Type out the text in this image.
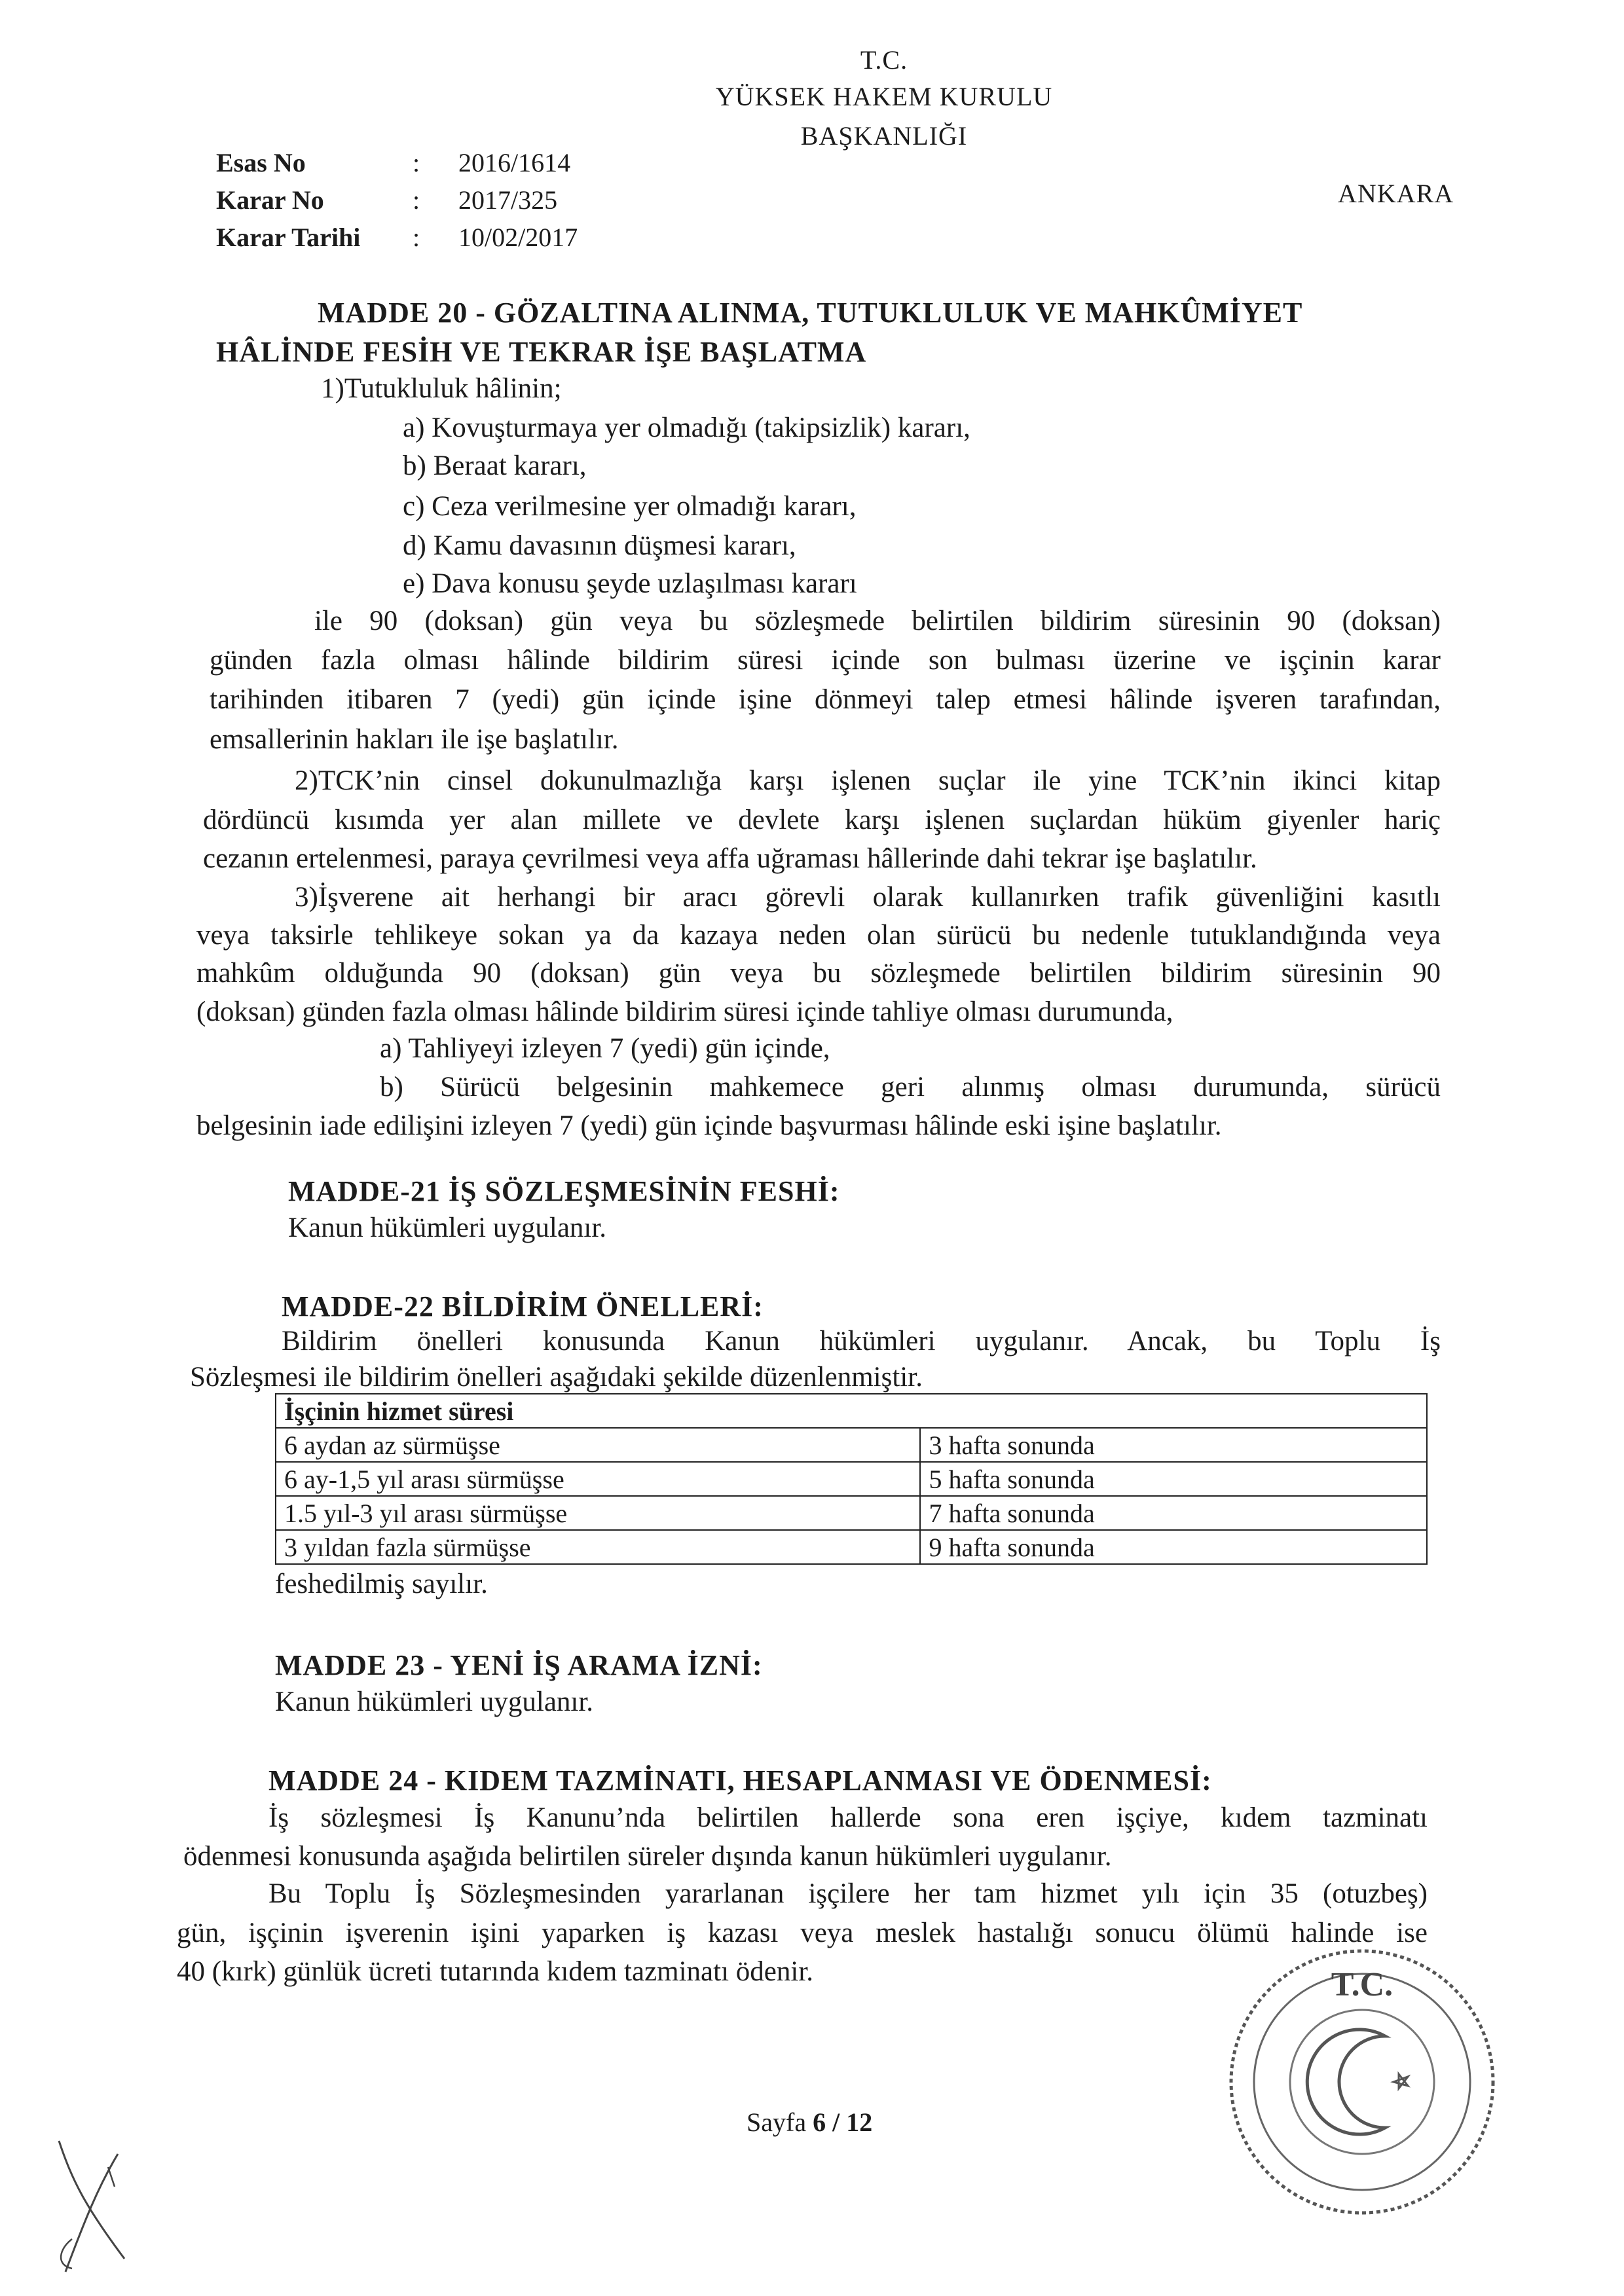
T.C.
YÜKSEK HAKEM KURULU
BAŞKANLIĞI
ANKARA
Esas No	:	2016/1614
Karar No	:	2017/325
Karar Tarihi	:	10/02/2017
MADDE 20 - GÖZALTINA ALINMA, TUTUKLULUK VE MAHKÛMİYET
HÂLİNDE FESİH VE TEKRAR İŞE BAŞLATMA
1)Tutukluluk hâlinin;
a) Kovuşturmaya yer olmadığı (takipsizlik) kararı,
b) Beraat kararı,
c) Ceza verilmesine yer olmadığı kararı,
d) Kamu davasının düşmesi kararı,
e) Dava konusu şeyde uzlaşılması kararı
ile 90 (doksan) gün veya bu sözleşmede belirtilen bildirim süresinin 90 (doksan)
günden fazla olması hâlinde bildirim süresi içinde son bulması üzerine ve işçinin karar
tarihinden itibaren 7 (yedi) gün içinde işine dönmeyi talep etmesi hâlinde işveren tarafından,
emsallerinin hakları ile işe başlatılır.
2)TCK’nin cinsel dokunulmazlığa karşı işlenen suçlar ile yine TCK’nin ikinci kitap
dördüncü kısımda yer alan millete ve devlete karşı işlenen suçlardan hüküm giyenler hariç
cezanın ertelenmesi, paraya çevrilmesi veya affa uğraması hâllerinde dahi tekrar işe başlatılır.
3)İşverene ait herhangi bir aracı görevli olarak kullanırken trafik güvenliğini kasıtlı
veya taksirle tehlikeye sokan ya da kazaya neden olan sürücü bu nedenle tutuklandığında veya
mahkûm olduğunda 90 (doksan) gün veya bu sözleşmede belirtilen bildirim süresinin 90
(doksan) günden fazla olması hâlinde bildirim süresi içinde tahliye olması durumunda,
a) Tahliyeyi izleyen 7 (yedi) gün içinde,
b) Sürücü belgesinin mahkemece geri alınmış olması durumunda, sürücü
belgesinin iade edilişini izleyen 7 (yedi) gün içinde başvurması hâlinde eski işine başlatılır.
MADDE-21 İŞ SÖZLEŞMESİNİN FESHİ:
Kanun hükümleri uygulanır.
MADDE-22 BİLDİRİM ÖNELLERİ:
Bildirim önelleri konusunda Kanun hükümleri uygulanır. Ancak, bu Toplu İş
Sözleşmesi ile bildirim önelleri aşağıdaki şekilde düzenlenmiştir.
İşçinin hizmet süresi	
6 aydan az sürmüşse	3 hafta sonunda
6 ay-1,5 yıl arası sürmüşse	5 hafta sonunda
1.5 yıl-3 yıl arası sürmüşse	7 hafta sonunda
3 yıldan fazla sürmüşse	9 hafta sonunda
feshedilmiş sayılır.
MADDE 23 - YENİ İŞ ARAMA İZNİ:
Kanun hükümleri uygulanır.
MADDE 24 - KIDEM TAZMİNATI, HESAPLANMASI VE ÖDENMESİ:
İş sözleşmesi İş Kanunu’nda belirtilen hallerde sona eren işçiye, kıdem tazminatı
ödenmesi konusunda aşağıda belirtilen süreler dışında kanun hükümleri uygulanır.
Bu Toplu İş Sözleşmesinden yararlanan işçilere her tam hizmet yılı için 35 (otuzbeş)
gün, işçinin işverenin işini yaparken iş kazası veya meslek hastalığı sonucu ölümü halinde ise
40 (kırk) günlük ücreti tutarında kıdem tazminatı ödenir.	T.C.
Sayfa 6 / 12
